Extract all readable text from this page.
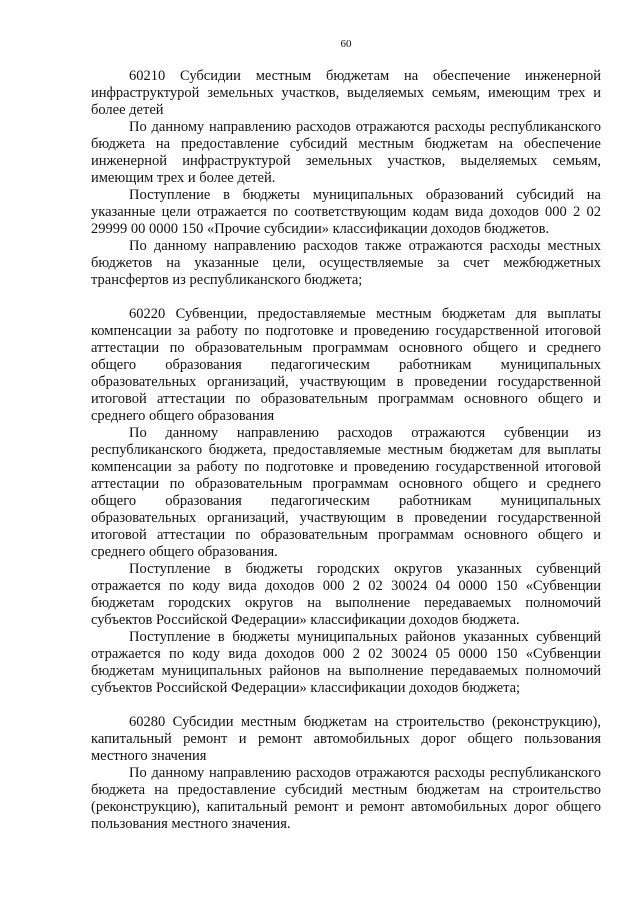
60

60210 Субсидии местным бюджетам на обеспечение инженерной инфраструктурой земельных участков, выделяемых семьям, имеющим трех и более детей

По данному направлению расходов отражаются расходы республиканского бюджета на предоставление субсидий местным бюджетам на обеспечение инженерной инфраструктурой земельных участков, выделяемых семьям, имеющим трех и более детей.

Поступление в бюджеты муниципальных образований субсидий на указанные цели отражается по соответствующим кодам вида доходов 000 2 02 29999 00 0000 150 «Прочие субсидии» классификации доходов бюджетов.

По данному направлению расходов также отражаются расходы местных бюджетов на указанные цели, осуществляемые за счет межбюджетных трансфертов из республиканского бюджета;

60220 Субвенции, предоставляемые местным бюджетам для выплаты компенсации за работу по подготовке и проведению государственной итоговой аттестации по образовательным программам основного общего и среднего общего образования педагогическим работникам муниципальных образовательных организаций, участвующим в проведении государственной итоговой аттестации по образовательным программам основного общего и среднего общего образования

По данному направлению расходов отражаются субвенции из республиканского бюджета, предоставляемые местным бюджетам для выплаты компенсации за работу по подготовке и проведению государственной итоговой аттестации по образовательным программам основного общего и среднего общего образования педагогическим работникам муниципальных образовательных организаций, участвующим в проведении государственной итоговой аттестации по образовательным программам основного общего и среднего общего образования.

Поступление в бюджеты городских округов указанных субвенций отражается по коду вида доходов 000 2 02 30024 04 0000 150 «Субвенции бюджетам городских округов на выполнение передаваемых полномочий субъектов Российской Федерации» классификации доходов бюджета.

Поступление в бюджеты муниципальных районов указанных субвенций отражается по коду вида доходов 000 2 02 30024 05 0000 150 «Субвенции бюджетам муниципальных районов на выполнение передаваемых полномочий субъектов Российской Федерации» классификации доходов бюджета;

60280 Субсидии местным бюджетам на строительство (реконструкцию), капитальный ремонт и ремонт автомобильных дорог общего пользования местного значения

По данному направлению расходов отражаются расходы республиканского бюджета на предоставление субсидий местным бюджетам на строительство (реконструкцию), капитальный ремонт и ремонт автомобильных дорог общего пользования местного значения.
